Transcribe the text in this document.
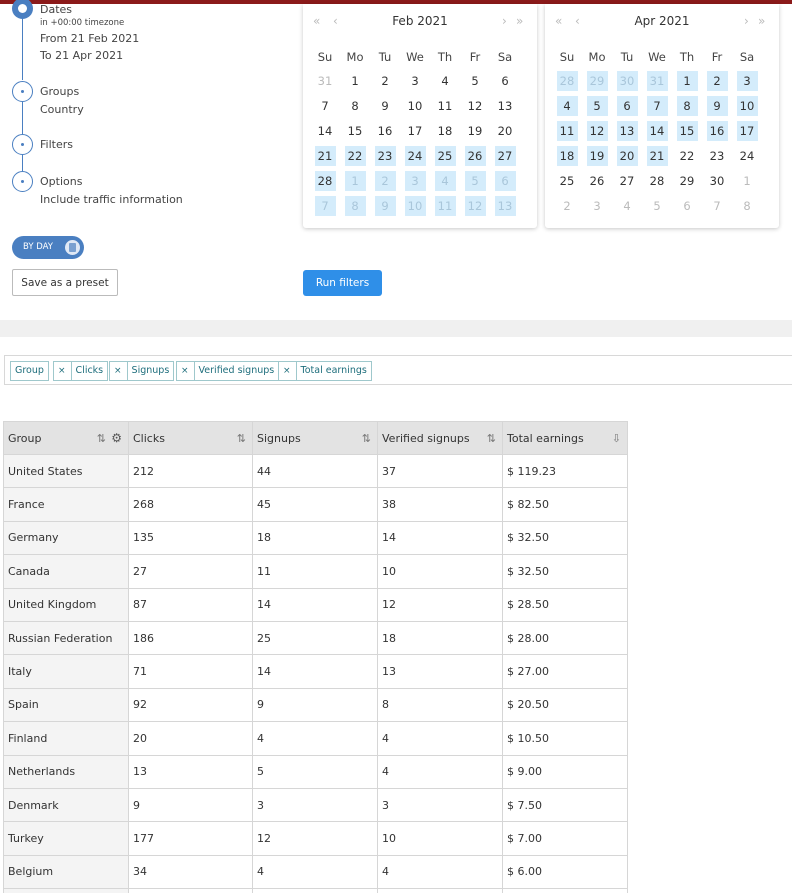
Dates
in +00:00 timezone
From 21 Feb 2021
To 21 Apr 2021
Groups
Country
Filters
Options
Include traffic information
BY DAY
Save as a preset	Run filters
« ‹	Feb 2021	› »
Su	Mo	Tu	We	Th	Fr	Sa
31	1	2	3	4	5	6
7	8	9	10 11 12 13
14 15 16 17 18 19 20
21 22 23 24 25 26 27
28	1	2	3	4	5	6
7	8	9	10 11 12 13
« ‹	Apr 2021	› »
Su	Mo	Tu	We	Th	Fr	Sa
28 29 30 31	1	2	3
4	5	6	7	8	9	10
11 12 13 14 15 16 17
18 19 20 21 22 23 24
25 26 27 28 29 30	1
2	3	4	5	6	7	8
Group	× Clicks	× Signups	× Verified signups × Total earnings
Group ⇅ ⚙	Clicks ⇅	Signups ⇅	Verified signups ⇅	Total earnings ⇩

United States	212	44	37	$ 119.23
France	268	45	38	$ 82.50
Germany	135	18	14	$ 32.50
Canada	27	11	10	$ 32.50
United Kingdom	87	14	12	$ 28.50
Russian Federation	186	25	18	$ 28.00
Italy	71	14	13	$ 27.00
Spain	92	9	8	$ 20.50
Finland	20	4	4	$ 10.50
Netherlands	13	5	4	$ 9.00
Denmark	9	3	3	$ 7.50
Turkey	177	12	10	$ 7.00
Belgium	34	4	4	$ 6.00
